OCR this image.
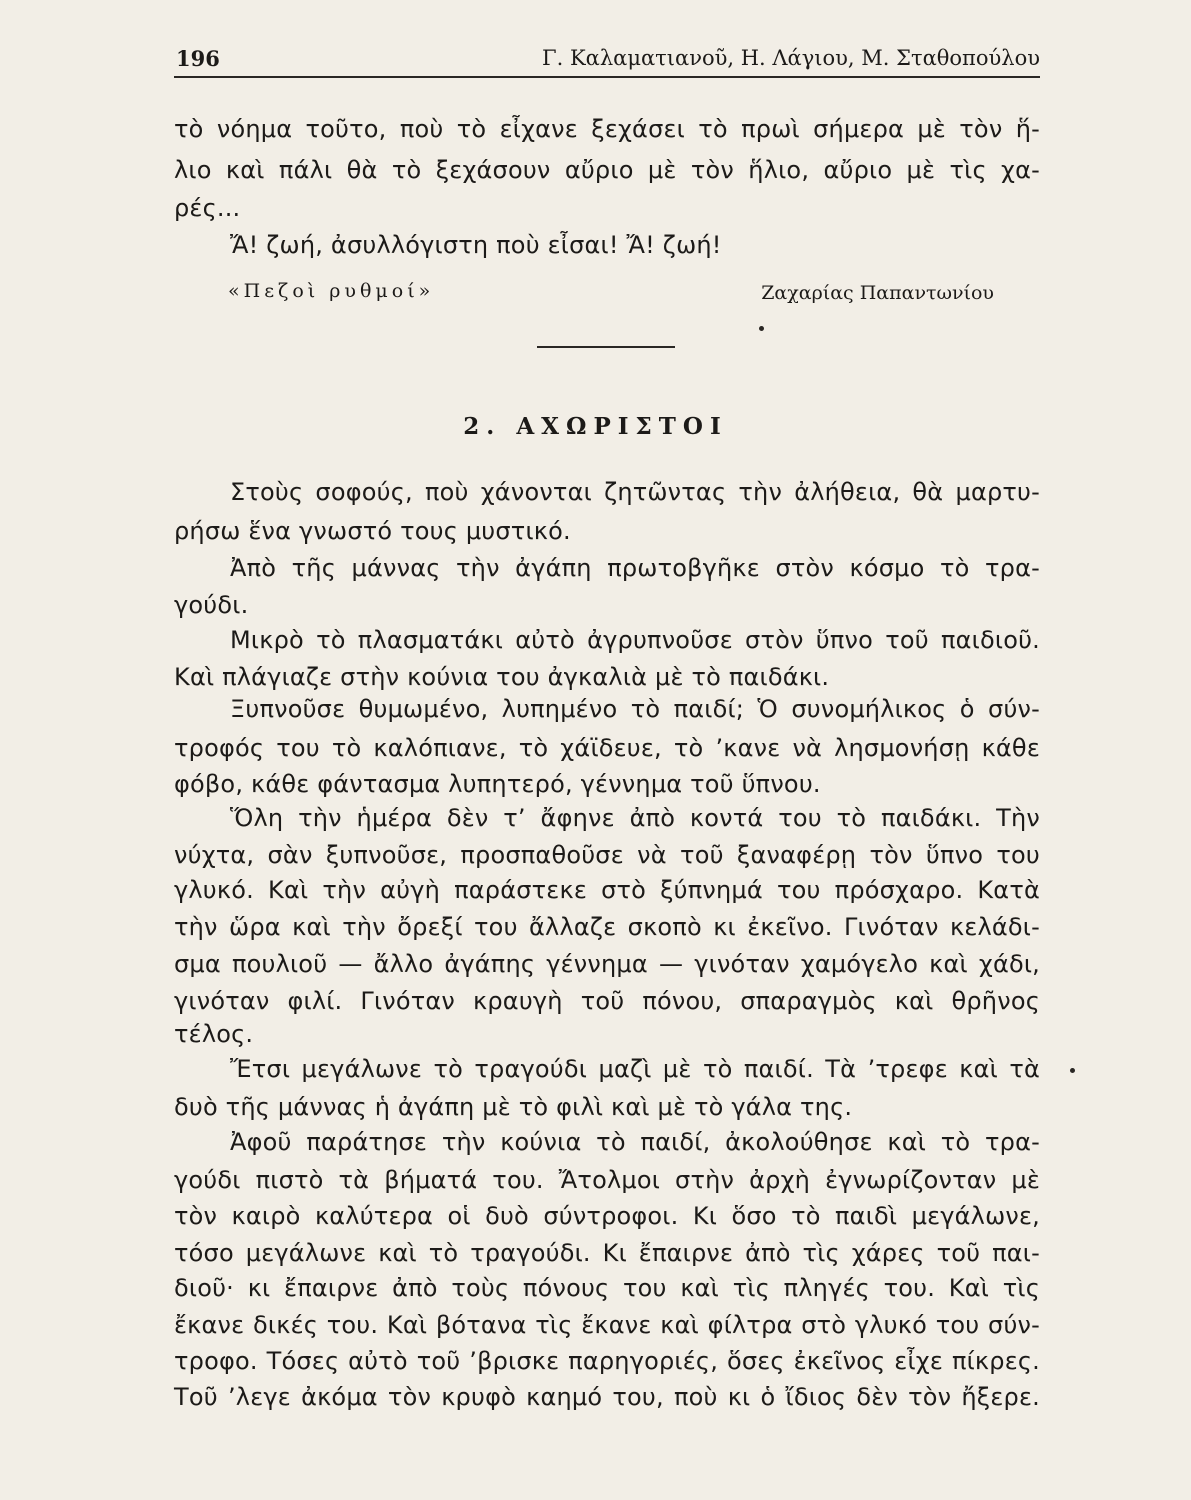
196	Γ. Καλαματιανοῦ, Η. Λάγιου, Μ. Σταθοπούλου
τὸ νόημα τοῦτο, ποὺ τὸ εἶχανε ξεχάσει τὸ πρωὶ σήμερα μὲ τὸν ἥ-
λιο καὶ πάλι θὰ τὸ ξεχάσουν αὔριο μὲ τὸν ἥλιο, αὔριο μὲ τὶς χα-
ρές...
Ἄ! ζωή, ἀσυλλόγιστη ποὺ εἶσαι! Ἄ! ζωή!
«Πεζοὶ ρυθμοί»	Ζαχαρίας Παπαντωνίου
2. ΑΧΩΡΙΣΤΟΙ
Στοὺς σοφούς, ποὺ χάνονται ζητῶντας τὴν ἀλήθεια, θὰ μαρτυ-
ρήσω ἕνα γνωστό τους μυστικό.
Ἀπὸ τῆς μάννας τὴν ἀγάπη πρωτοβγῆκε στὸν κόσμο τὸ τρα-
γούδι.
Μικρὸ τὸ πλασματάκι αὐτὸ ἀγρυπνοῦσε στὸν ὕπνο τοῦ παιδιοῦ.
Καὶ πλάγιαζε στὴν κούνια του ἀγκαλιὰ μὲ τὸ παιδάκι.
Ξυπνοῦσε θυμωμένο, λυπημένο τὸ παιδί; Ὁ συνομήλικος ὁ σύν-
τροφός του τὸ καλόπιανε, τὸ χάϊδευε, τὸ ʼκανε νὰ λησμονήσῃ κάθε
φόβο, κάθε φάντασμα λυπητερό, γέννημα τοῦ ὕπνου.
Ὅλη τὴν ἡμέρα δὲν τʼ ἄφηνε ἀπὸ κοντά του τὸ παιδάκι. Τὴν
νύχτα, σὰν ξυπνοῦσε, προσπαθοῦσε νὰ τοῦ ξαναφέρῃ τὸν ὕπνο του
γλυκό. Καὶ τὴν αὐγὴ παράστεκε στὸ ξύπνημά του πρόσχαρο. Κατὰ
τὴν ὥρα καὶ τὴν ὄρεξί του ἄλλαζε σκοπὸ κι ἐκεῖνο. Γινόταν κελάδι-
σμα πουλιοῦ — ἄλλο ἀγάπης γέννημα — γινόταν χαμόγελο καὶ χάδι,
γινόταν φιλί. Γινόταν κραυγὴ τοῦ πόνου, σπαραγμὸς καὶ θρῆνος
τέλος.
Ἔτσι μεγάλωνε τὸ τραγούδι μαζὶ μὲ τὸ παιδί. Τὰ ʼτρεφε καὶ τὰ
δυὸ τῆς μάννας ἡ ἀγάπη μὲ τὸ φιλὶ καὶ μὲ τὸ γάλα της.
Ἀφοῦ παράτησε τὴν κούνια τὸ παιδί, ἀκολούθησε καὶ τὸ τρα-
γούδι πιστὸ τὰ βήματά του. Ἄτολμοι στὴν ἀρχὴ ἐγνωρίζονταν μὲ
τὸν καιρὸ καλύτερα οἱ δυὸ σύντροφοι. Κι ὅσο τὸ παιδὶ μεγάλωνε,
τόσο μεγάλωνε καὶ τὸ τραγούδι. Κι ἔπαιρνε ἀπὸ τὶς χάρες τοῦ παι-
διοῦ· κι ἔπαιρνε ἀπὸ τοὺς πόνους του καὶ τὶς πληγές του. Καὶ τὶς
ἔκανε δικές του. Καὶ βότανα τὶς ἔκανε καὶ φίλτρα στὸ γλυκό του σύν-
τροφο. Τόσες αὐτὸ τοῦ ʼβρισκε παρηγοριές, ὅσες ἐκεῖνος εἶχε πίκρες.
Τοῦ ʼλεγε ἀκόμα τὸν κρυφὸ καημό του, ποὺ κι ὁ ἴδιος δὲν τὸν ἤξερε.
